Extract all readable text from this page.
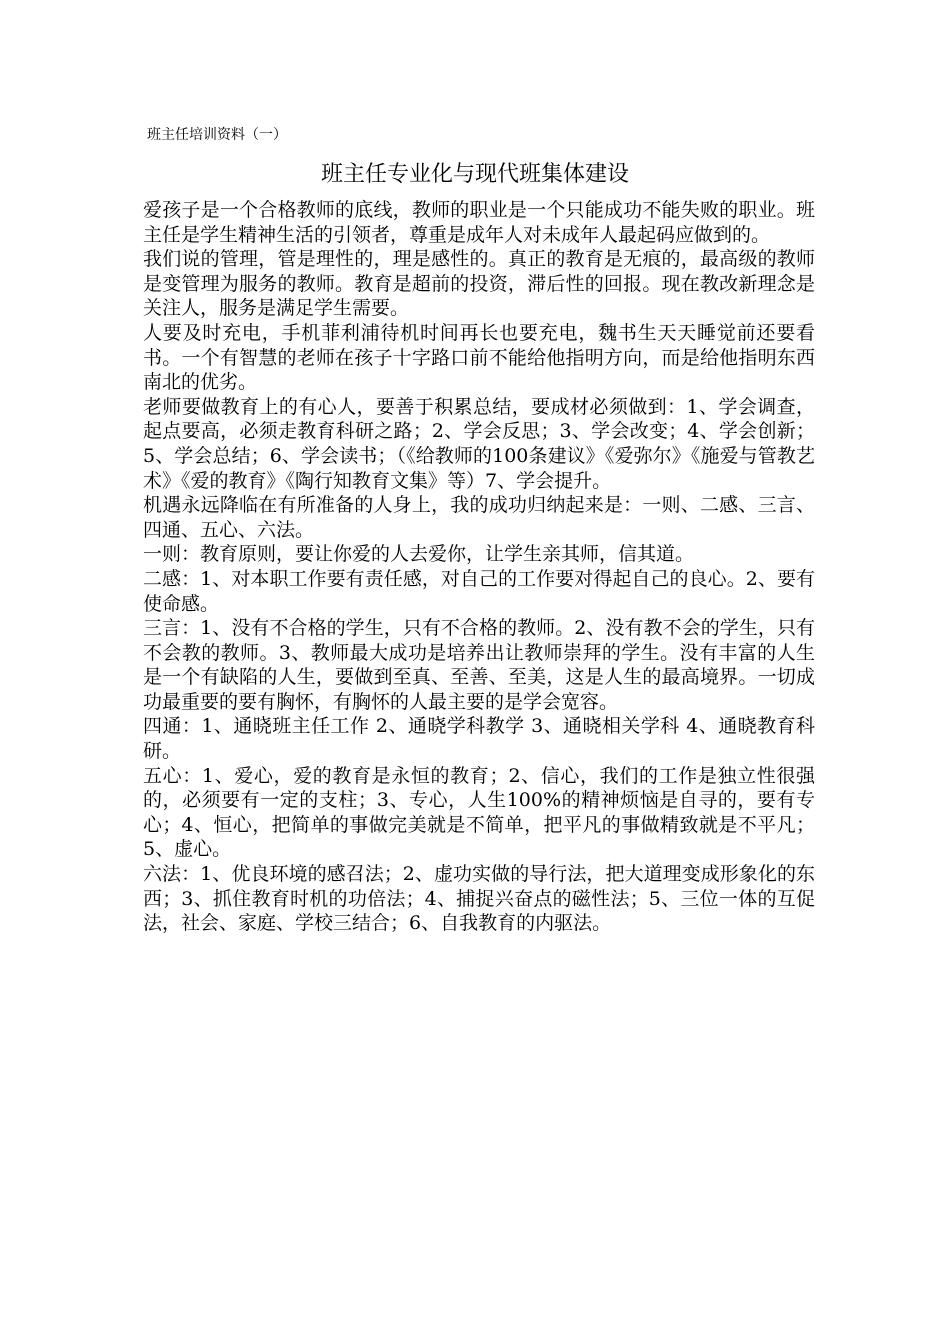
班主任培训资料（一）
班主任专业化与现代班集体建设

爱孩子是一个合格教师的底线，教师的职业是一个只能成功不能失败的职业。班主任是学生精神生活的引领者，尊重是成年人对未成年人最起码应做到的。

我们说的管理，管是理性的，理是感性的。真正的教育是无痕的，最高级的教师是变管理为服务的教师。教育是超前的投资，滞后性的回报。现在教改新理念是关注人，服务是满足学生需要。

人要及时充电，手机菲利浦待机时间再长也要充电，魏书生天天睡觉前还要看书。一个有智慧的老师在孩子十字路口前不能给他指明方向，而是给他指明东西南北的优劣。

老师要做教育上的有心人，要善于积累总结，要成材必须做到：1、学会调查，起点要高，必须走教育科研之路；2、学会反思；3、学会改变；4、学会创新；5、学会总结；6、学会读书；（《给教师的100条建议》《爱弥尔》《施爱与管教艺术》《爱的教育》《陶行知教育文集》等）7、学会提升。

机遇永远降临在有所准备的人身上，我的成功归纳起来是：一则、二感、三言、四通、五心、六法。

一则：教育原则，要让你爱的人去爱你，让学生亲其师，信其道。

二感：1、对本职工作要有责任感，对自己的工作要对得起自己的良心。2、要有使命感。

三言：1、没有不合格的学生，只有不合格的教师。2、没有教不会的学生，只有不会教的教师。3、教师最大成功是培养出让教师崇拜的学生。没有丰富的人生是一个有缺陷的人生，要做到至真、至善、至美，这是人生的最高境界。一切成功最重要的要有胸怀，有胸怀的人最主要的是学会宽容。

四通：1、通晓班主任工作 2、通晓学科教学 3、通晓相关学科 4、通晓教育科研。

五心：1、爱心，爱的教育是永恒的教育；2、信心，我们的工作是独立性很强的，必须要有一定的支柱；3、专心，人生100%的精神烦恼是自寻的，要有专心；4、恒心，把简单的事做完美就是不简单，把平凡的事做精致就是不平凡； 5、虚心。

六法：1、优良环境的感召法；2、虚功实做的导行法，把大道理变成形象化的东西；3、抓住教育时机的功倍法；4、捕捉兴奋点的磁性法；5、三位一体的互促法，社会、家庭、学校三结合；6、自我教育的内驱法。
